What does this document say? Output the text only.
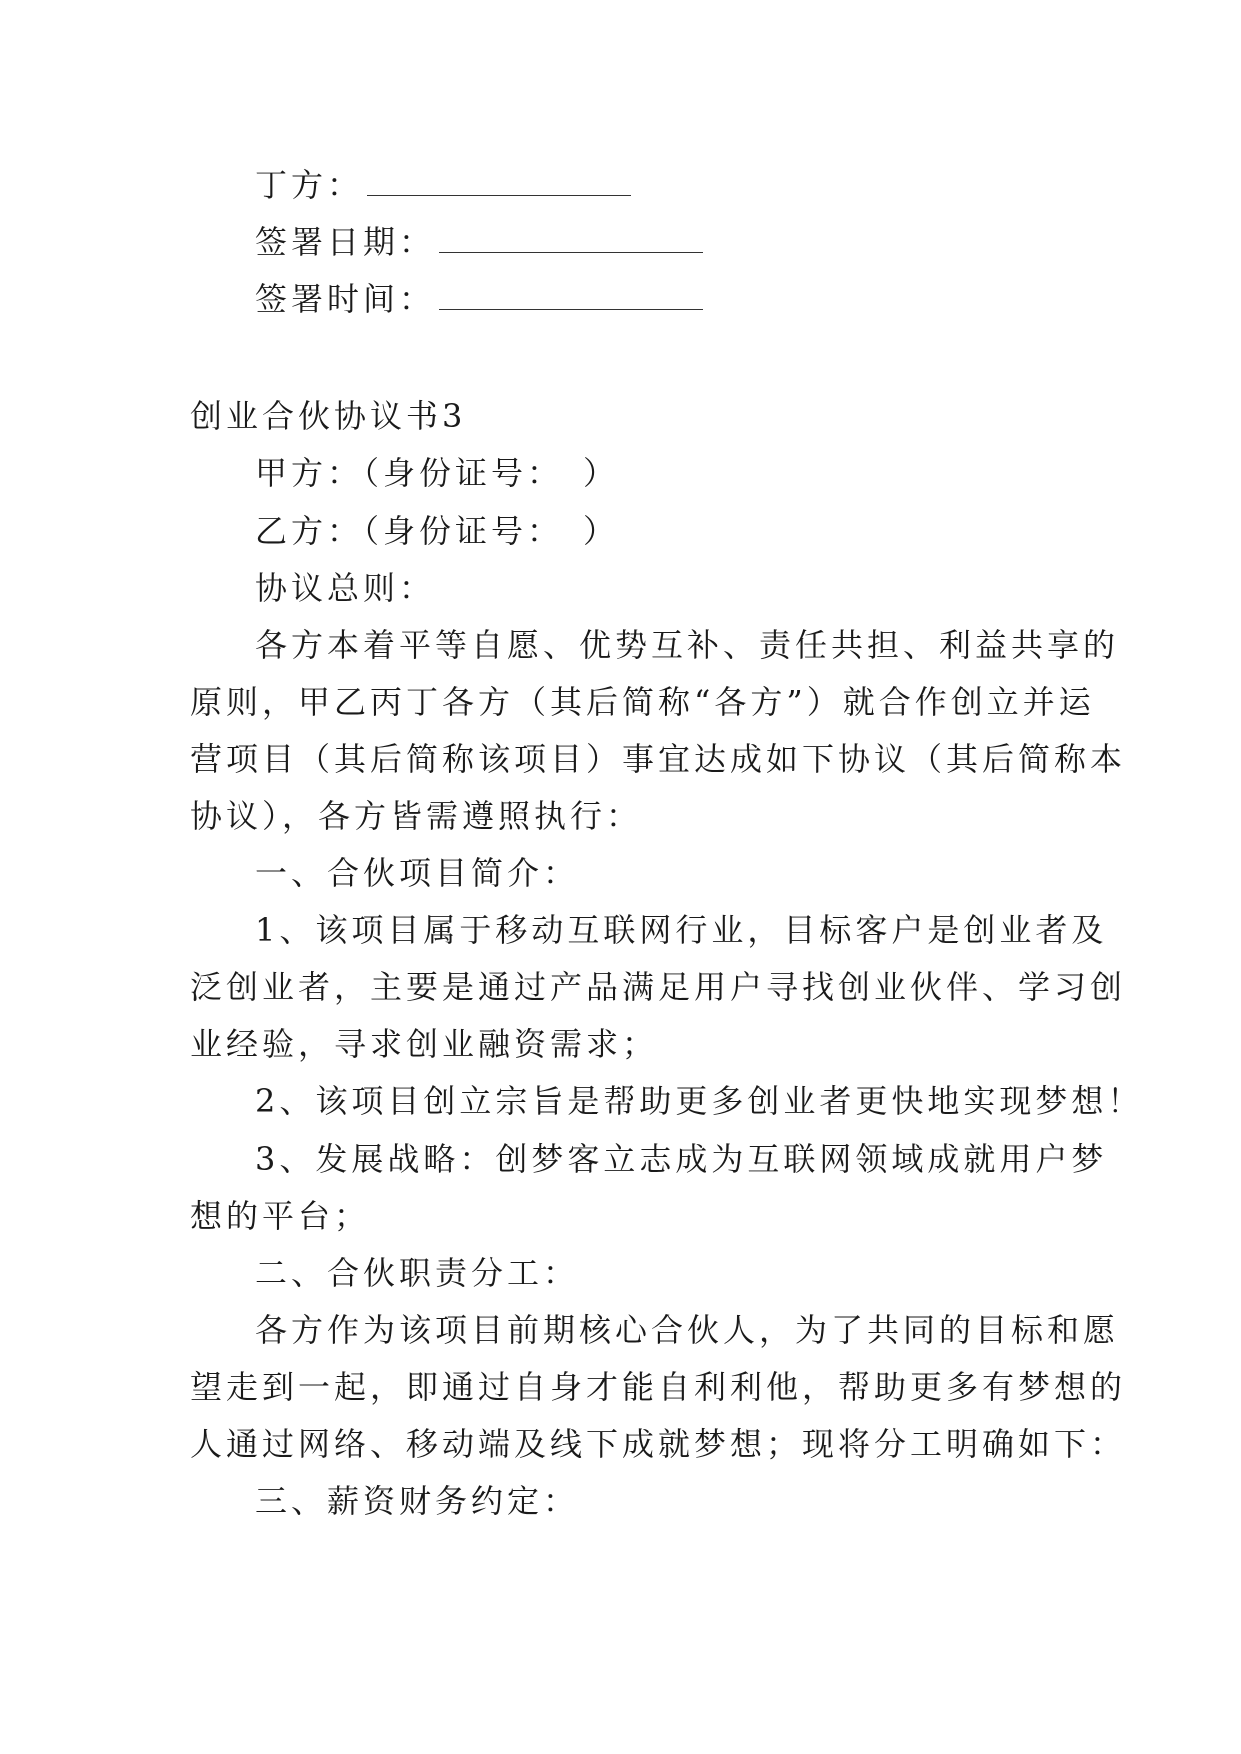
丁方：
签署日期：
签署时间：
创业合伙协议书3
甲方：（身份证号：　）
乙方：（身份证号：　）
协议总则：
各方本着平等自愿、优势互补、责任共担、利益共享的
原则，甲乙丙丁各方（其后简称“各方”）就合作创立并运
营项目（其后简称该项目）事宜达成如下协议（其后简称本
协议），各方皆需遵照执行：
一、合伙项目简介：
1、该项目属于移动互联网行业，目标客户是创业者及
泛创业者，主要是通过产品满足用户寻找创业伙伴、学习创
业经验，寻求创业融资需求；
2、该项目创立宗旨是帮助更多创业者更快地实现梦想！
3、发展战略：创梦客立志成为互联网领域成就用户梦
想的平台；
二、合伙职责分工：
各方作为该项目前期核心合伙人，为了共同的目标和愿
望走到一起，即通过自身才能自利利他，帮助更多有梦想的
人通过网络、移动端及线下成就梦想；现将分工明确如下：
三、薪资财务约定：
